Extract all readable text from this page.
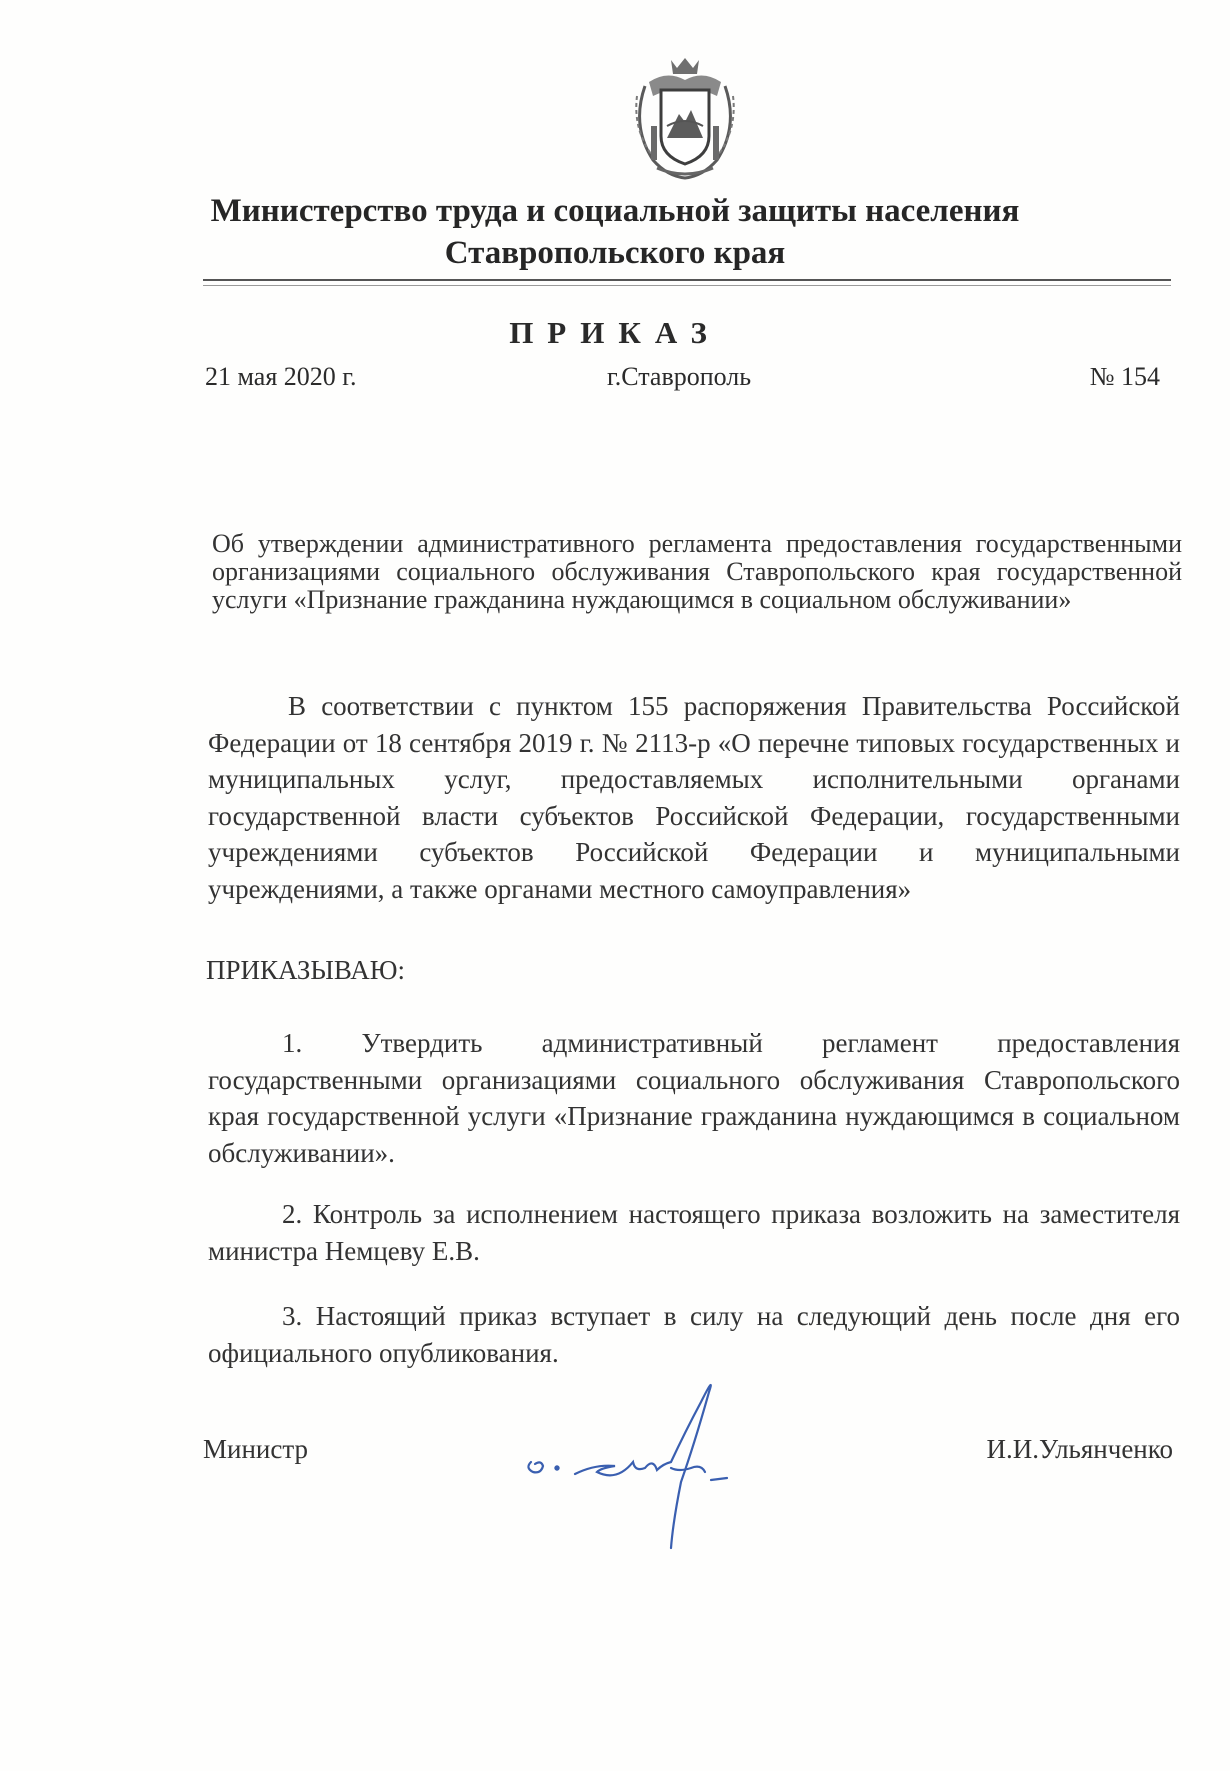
Министерство труда и социальной защиты населения
Ставропольского края
ПРИКАЗ
21 мая 2020 г.	г.Ставрополь	№ 154
Об утверждении административного регламента предоставления государственными организациями социального обслуживания Ставропольского края государственной услуги «Признание гражданина нуждающимся в социальном обслуживании»
В соответствии с пунктом 155 распоряжения Правительства Российской Федерации от 18 сентября 2019 г. № 2113-р «О перечне типовых государственных и муниципальных услуг, предоставляемых исполнительными органами государственной власти субъектов Российской Федерации, государственными учреждениями субъектов Российской Федерации и муниципальными учреждениями, а также органами местного самоуправления»
ПРИКАЗЫВАЮ:
1. Утвердить административный регламент предоставления государственными организациями социального обслуживания Ставропольского края государственной услуги «Признание гражданина нуждающимся в социальном обслуживании».
2. Контроль за исполнением настоящего приказа возложить на заместителя министра Немцеву Е.В.
3. Настоящий приказ вступает в силу на следующий день после дня его официального опубликования.
Министр	И.И.Ульянченко
